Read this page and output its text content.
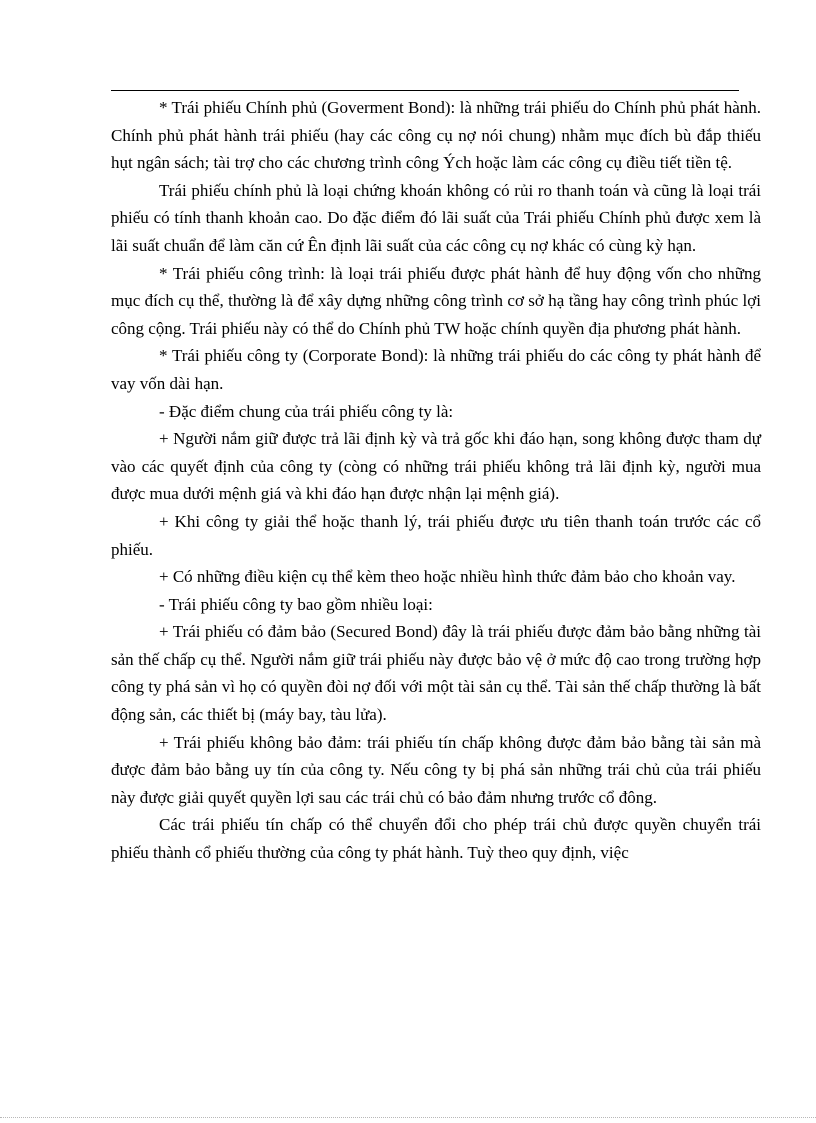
* Trái phiếu Chính phủ (Goverment Bond): là những trái phiếu do Chính phủ phát hành. Chính phủ phát hành trái phiếu (hay các công cụ nợ nói chung) nhằm mục đích bù đắp thiếu hụt ngân sách; tài trợ cho các chương trình công Ých hoặc làm các công cụ điều tiết tiền tệ.

Trái phiếu chính phủ là loại chứng khoán không có rủi ro thanh toán và cũng là loại trái phiếu có tính thanh khoản cao. Do đặc điểm đó lãi suất của Trái phiếu Chính phủ được xem là lãi suất chuẩn để làm căn cứ Ên định lãi suất của các công cụ nợ khác có cùng kỳ hạn.

* Trái phiếu công trình: là loại trái phiếu được phát hành để huy động vốn cho những mục đích cụ thể, thường là để xây dựng những công trình cơ sở hạ tầng hay công trình phúc lợi công cộng. Trái phiếu này có thể do Chính phủ TW hoặc chính quyền địa phương phát hành.

* Trái phiếu công ty (Corporate Bond): là những trái phiếu do các công ty phát hành để vay vốn dài hạn.

- Đặc điểm chung của trái phiếu công ty là:

+ Người nắm giữ được trả lãi định kỳ và trả gốc khi đáo hạn, song không được tham dự vào các quyết định của công ty (còng có những trái phiếu không trả lãi định kỳ, người mua được mua dưới mệnh giá và khi đáo hạn được nhận lại mệnh giá).

+ Khi công ty giải thể hoặc thanh lý, trái phiếu được ưu tiên thanh toán trước các cổ phiếu.

+ Có những điều kiện cụ thể kèm theo hoặc nhiều hình thức đảm bảo cho khoản vay.

- Trái phiếu công ty bao gồm nhiều loại:

+ Trái phiếu có đảm bảo (Secured Bond) đây là trái phiếu được đảm bảo bằng những tài sản thế chấp cụ thể. Người nắm giữ trái phiếu này được bảo vệ ở mức độ cao trong trường hợp công ty phá sản vì họ có quyền đòi nợ đối với một tài sản cụ thể. Tài sản thế chấp thường là bất động sản, các thiết bị (máy bay, tàu lửa).

+ Trái phiếu không bảo đảm: trái phiếu tín chấp không được đảm bảo bằng tài sản mà được đảm bảo bằng uy tín của công ty. Nếu công ty bị phá sản những trái chủ của trái phiếu này được giải quyết quyền lợi sau các trái chủ có bảo đảm nhưng trước cổ đông.

Các trái phiếu tín chấp có thể chuyển đổi cho phép trái chủ được quyền chuyển trái phiếu thành cổ phiếu thường của công ty phát hành. Tuỳ theo quy định, việc
